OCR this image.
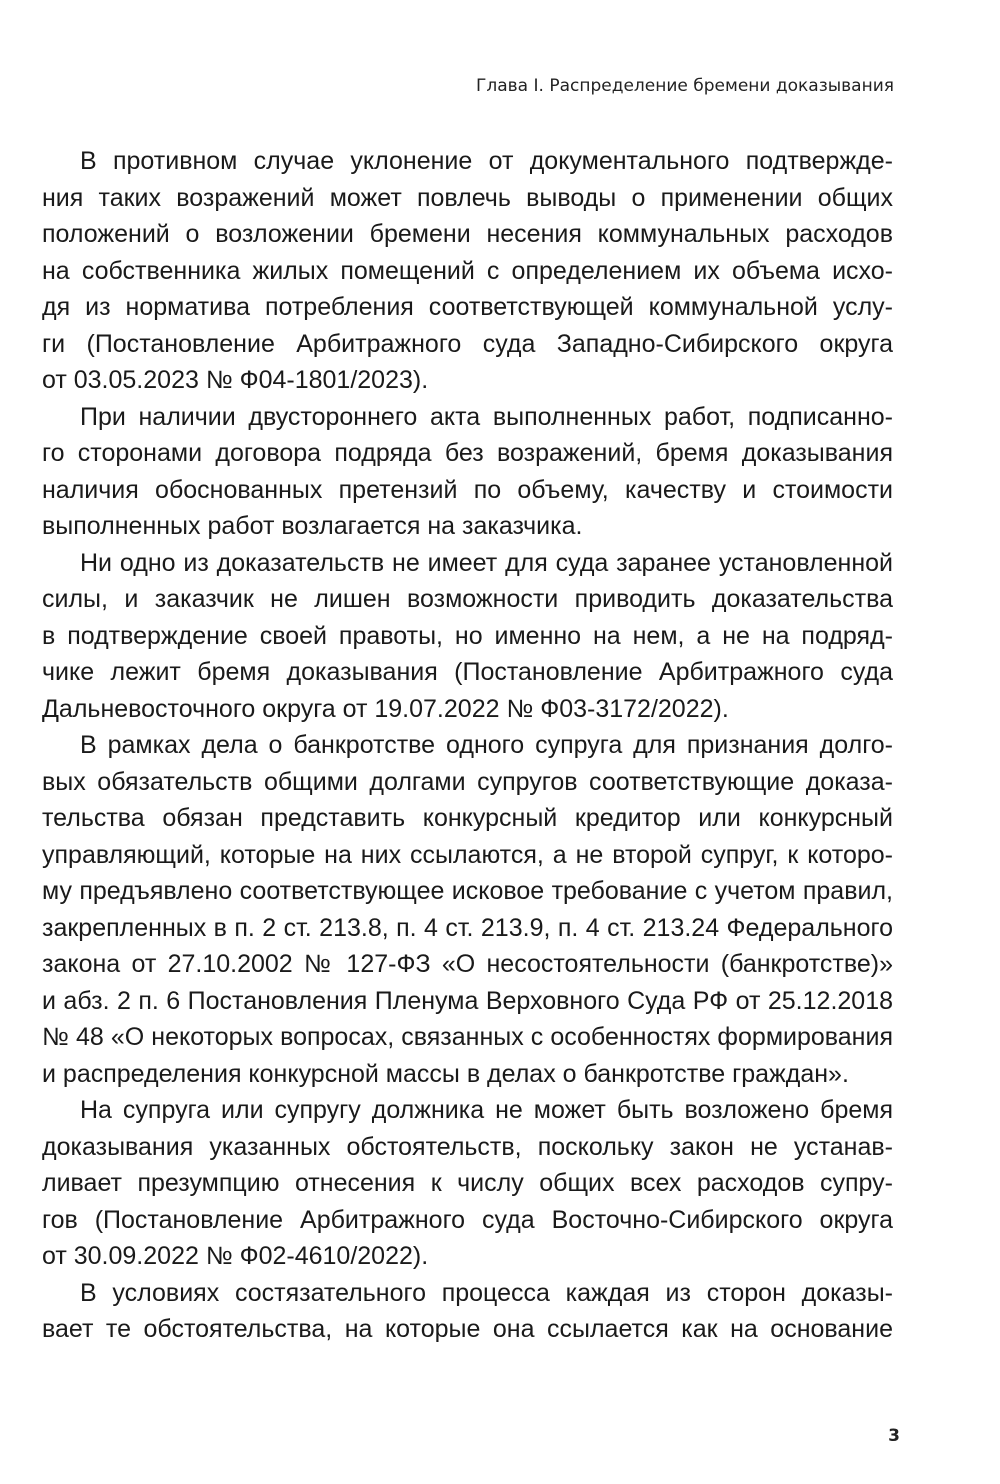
Глава I. Распределение бремени доказывания

В противном случае уклонение от документального подтвержде-
ния таких возражений может повлечь выводы о применении общих
положений о возложении бремени несения коммунальных расходов
на собственника жилых помещений с определением их объема исхо-
дя из норматива потребления соответствующей коммунальной услу-
ги (Постановление Арбитражного суда Западно-Сибирского округа
от 03.05.2023 № Ф04-1801/2023).

При наличии двустороннего акта выполненных работ, подписанно-
го сторонами договора подряда без возражений, бремя доказывания
наличия обоснованных претензий по объему, качеству и стоимости
выполненных работ возлагается на заказчика.

Ни одно из доказательств не имеет для суда заранее установленной
силы, и заказчик не лишен возможности приводить доказательства
в подтверждение своей правоты, но именно на нем, а не на подряд-
чике лежит бремя доказывания (Постановление Арбитражного суда
Дальневосточного округа от 19.07.2022 № Ф03-3172/2022).

В рамках дела о банкротстве одного супруга для признания долго-
вых обязательств общими долгами супругов соответствующие доказа-
тельства обязан представить конкурсный кредитор или конкурсный
управляющий, которые на них ссылаются, а не второй супруг, к которо-
му предъявлено соответствующее исковое требование с учетом правил,
закрепленных в п. 2 ст. 213.8, п. 4 ст. 213.9, п. 4 ст. 213.24 Федерального
закона от 27.10.2002 № 127-ФЗ «О несостоятельности (банкротстве)»
и абз. 2 п. 6 Постановления Пленума Верховного Суда РФ от 25.12.2018
№ 48 «О некоторых вопросах, связанных с особенностях формирования
и распределения конкурсной массы в делах о банкротстве граждан».

На супруга или супругу должника не может быть возложено бремя
доказывания указанных обстоятельств, поскольку закон не устанав-
ливает презумпцию отнесения к числу общих всех расходов супру-
гов (Постановление Арбитражного суда Восточно-Сибирского округа
от 30.09.2022 № Ф02-4610/2022).

В условиях состязательного процесса каждая из сторон доказы-
вает те обстоятельства, на которые она ссылается как на основание

3
